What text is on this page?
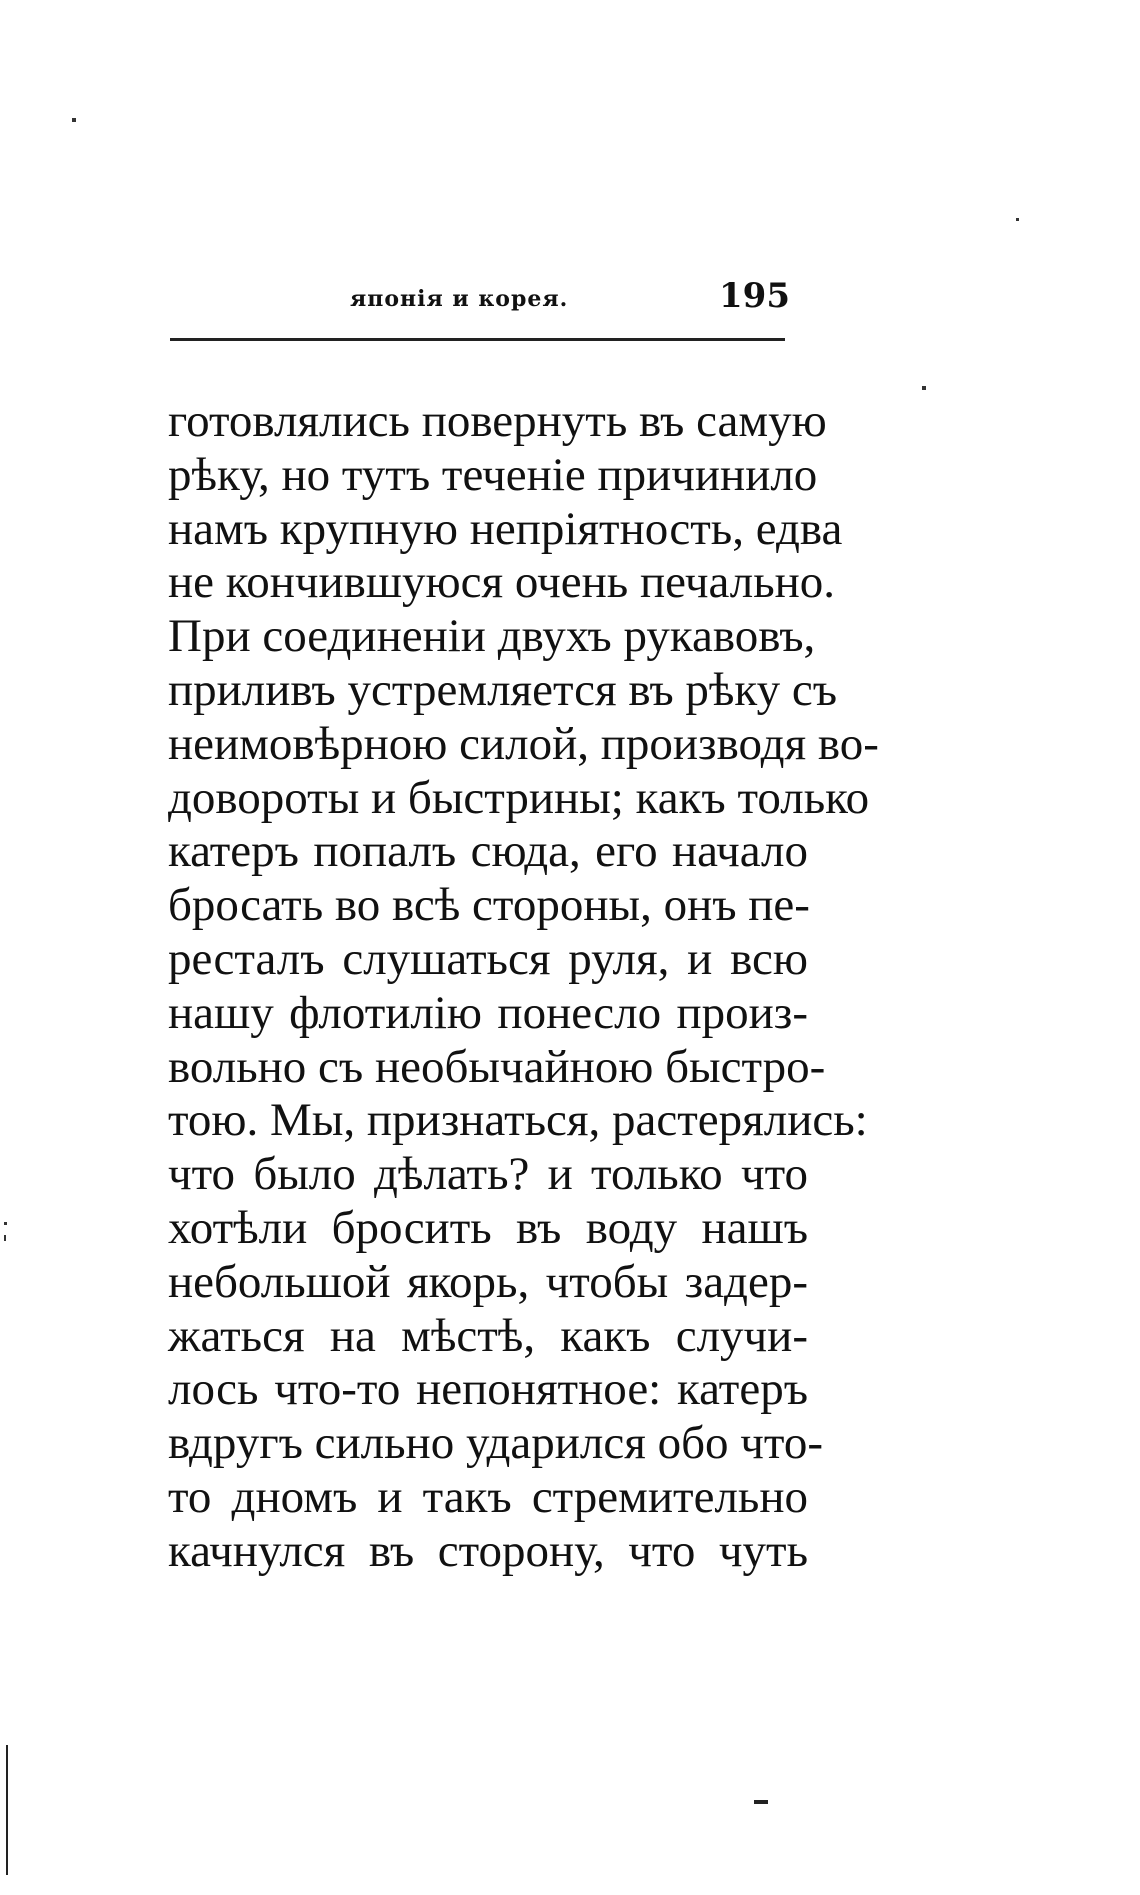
японія и корея.	195
готовлялись повернуть въ самую
рѣку, но тутъ теченіе причинило
намъ крупную непріятность, едва
не кончившуюся очень печально.
При соединеніи двухъ рукавовъ,
приливъ устремляется въ рѣку съ
неимовѣрною силой, производя во-
довороты и быстрины; какъ только
катеръ попалъ сюда, его начало
бросать во всѣ стороны, онъ пе-
ресталъ слушаться руля, и всю
нашу флотилію понесло произ-
вольно съ необычайною быстро-
тою. Мы, признаться, растерялись:
что было дѣлать? и только что
хотѣли бросить въ воду нашъ
небольшой якорь, чтобы задер-
жаться на мѣстѣ, какъ случи-
лось что-то непонятное: катеръ
вдругъ сильно ударился обо что-
то дномъ и такъ стремительно
качнулся въ сторону, что чуть
